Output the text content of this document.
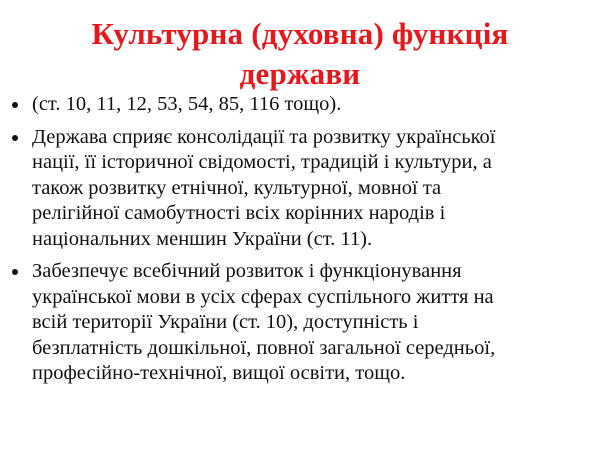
Культурна (духовна) функція
держави
(ст. 10, 11, 12, 53, 54, 85, 116 тощо).
Держава сприяє консолідації та розвитку української
нації, її історичної свідомості, традицій і культури, а
також розвитку етнічної, культурної, мовної та
релігійної самобутності всіх корінних народів і
національних меншин України (ст. 11).
Забезпечує всебічний розвиток і функціонування
української мови в усіх сферах суспільного життя на
всій території України (ст. 10), доступність і
безплатність дошкільної, повної загальної середньої,
професійно-технічної, вищої освіти, тощо.
